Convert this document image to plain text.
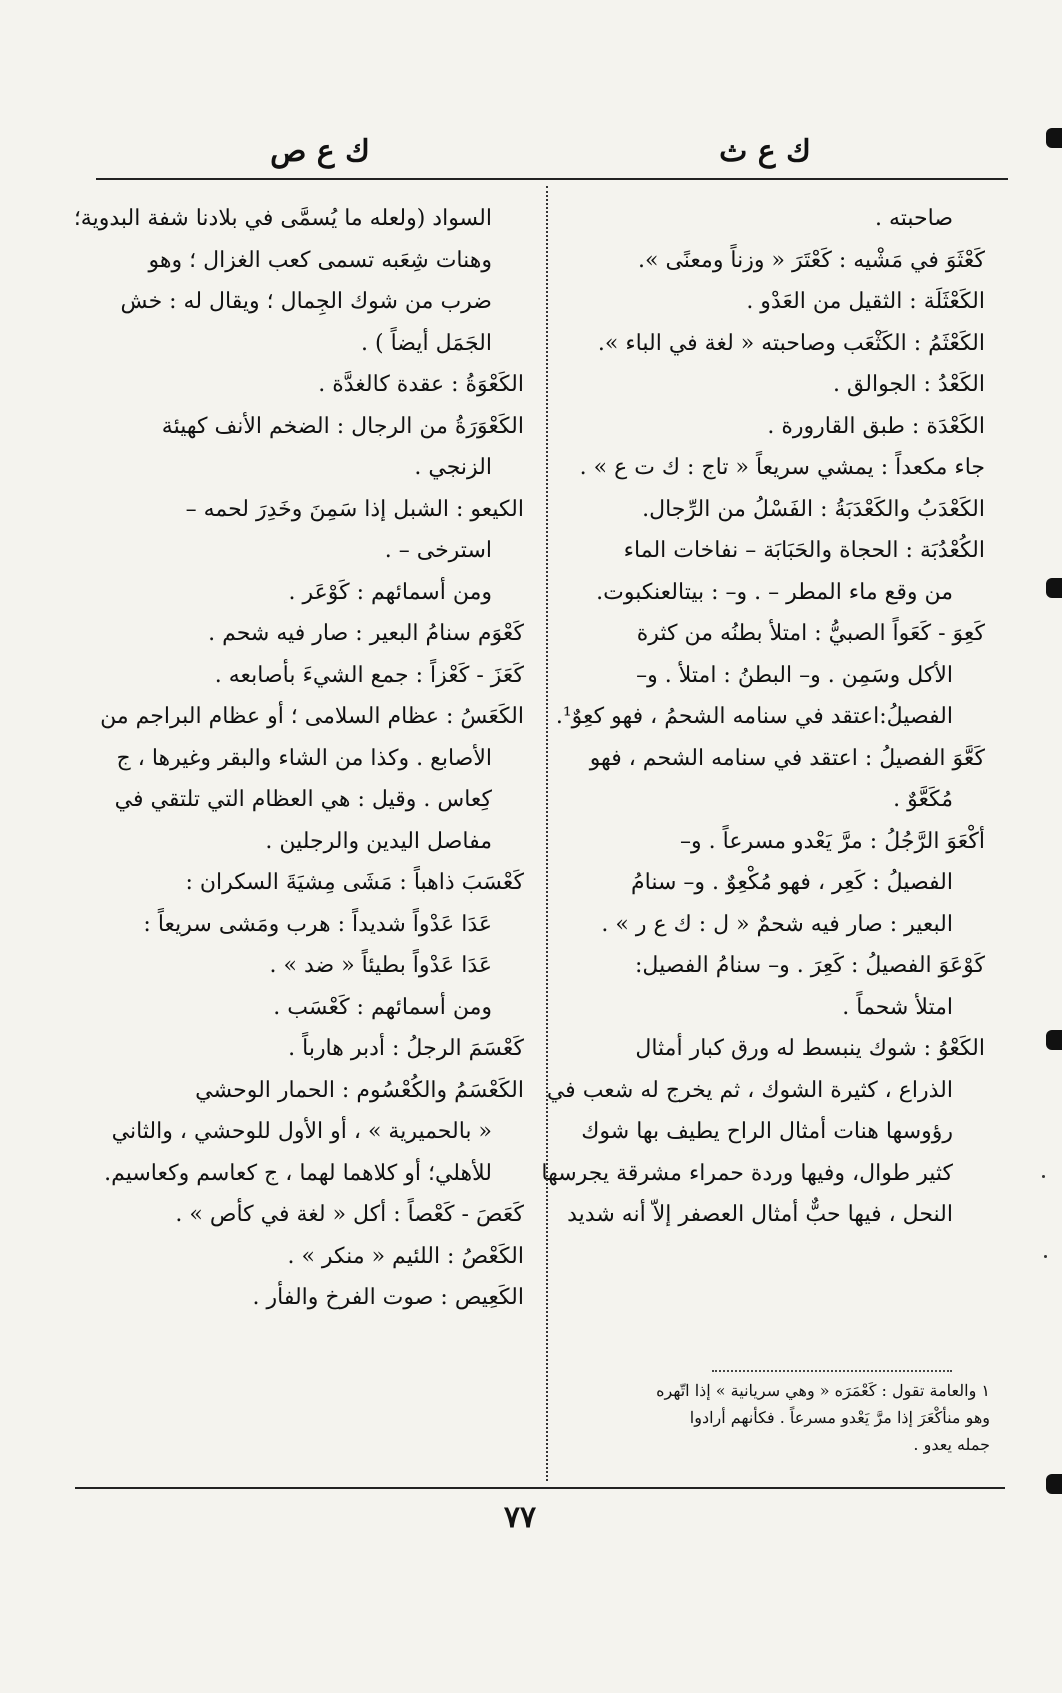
ك ع ث
ك ع ص
صاحبته .
كَعْثَوَ في مَشْيه : كَعْتَرَ « وزناً ومعنًى ».
الكَعْثَلَة : الثقيل من العَدْو .
الكَعْثَمُ : الكَثْعَب وصاحبته « لغة في الباء ».
الكَعْدُ : الجوالق .
الكَعْدَة : طبق القارورة .
جاء مكعداً : يمشي سريعاً « تاج : ك ت ع » .
الكَعْدَبُ والكَعْدَبَةُ : الفَسْلُ من الرِّجال.
الكُعْدُبَة : الحجاة والحَبَابَة – نفاخات الماء
من وقع ماء المطر – . و– : بيتالعنكبوت.
كَعِوَ - كَعَواً الصبيُّ : امتلأ بطنُه من كثرة
الأكل وسَمِن . و– البطنُ : امتلأ . و–
الفصيلُ:اعتقد في سنامه الشحمُ ، فهو كعِوٌ¹.
كَعَّوَ الفصيلُ : اعتقد في سنامه الشحم ، فهو
مُكَعَّوٌ .
أكْعَوَ الرَّجُلُ : مرَّ يَعْدو مسرعاً . و–
الفصيلُ : كَعِر ، فهو مُكْعِوٌ . و– سنامُ
البعير : صار فيه شحمٌ « ل : ك ع ر » .
كَوْعَوَ الفصيلُ : كَعِرَ . و– سنامُ الفصيل:
امتلأ شحماً .
الكَعْوُ : شوك ينبسط له ورق كبار أمثال
الذراع ، كثيرة الشوك ، ثم يخرج له شعب في
رؤوسها هنات أمثال الراح يطيف بها شوك
كثير طوال، وفيها وردة حمراء مشرقة يجرسها
النحل ، فيها حبٌّ أمثال العصفر إلاّ أنه شديد
السواد (ولعله ما يُسمَّى في بلادنا شفة البدوية؛
وهنات شِعَبه تسمى كعب الغزال ؛ وهو
ضرب من شوك الجِمال ؛ ويقال له : خش
الجَمَل أيضاً ) .
الكَعْوَةُ : عقدة كالغدَّة .
الكَعْوَرَةُ من الرجال : الضخم الأنف كهيئة
الزنجي .
الكيعو : الشبل إذا سَمِنَ وخَدِرَ لحمه –
استرخى – .
ومن أسمائهم : كَوْعَر .
كَعْوَم سنامُ البعير : صار فيه شحم .
كَعَزَ - كَعْزاً : جمع الشيءَ بأصابعه .
الكَعَسُ : عظام السلامى ؛ أو عظام البراجم من
الأصابع . وكذا من الشاء والبقر وغيرها ، ج
كِعاس . وقيل : هي العظام التي تلتقي في
مفاصل اليدين والرجلين .
كَعْسَبَ ذاهباً : مَشَى مِشيَةَ السكران :
عَدَا عَدْواً شديداً : هرب ومَشى سريعاً :
عَدَا عَدْواً بطيئاً « ضد » .
ومن أسمائهم : كَعْسَب .
كَعْسَمَ الرجلُ : أدبر هارباً .
الكَعْسَمُ والكُعْسُوم : الحمار الوحشي
« بالحميرية » ، أو الأول للوحشي ، والثاني
للأهلي؛ أو كلاهما لهما ، ج كعاسم وكعاسيم.
كَعَصَ - كَعْصاً : أكل « لغة في كأص » .
الكَعْصُ : اللئيم « منكر » .
الكَعِيص : صوت الفرخ والفأر .
١ والعامة تقول : كَعْمَرَه « وهي سريانية » إذا اتّهره
وهو منأكْعَرَ إذا مرَّ يَعْدو مسرعاً . فكأنهم أرادوا
جمله يعدو .
٧٧
